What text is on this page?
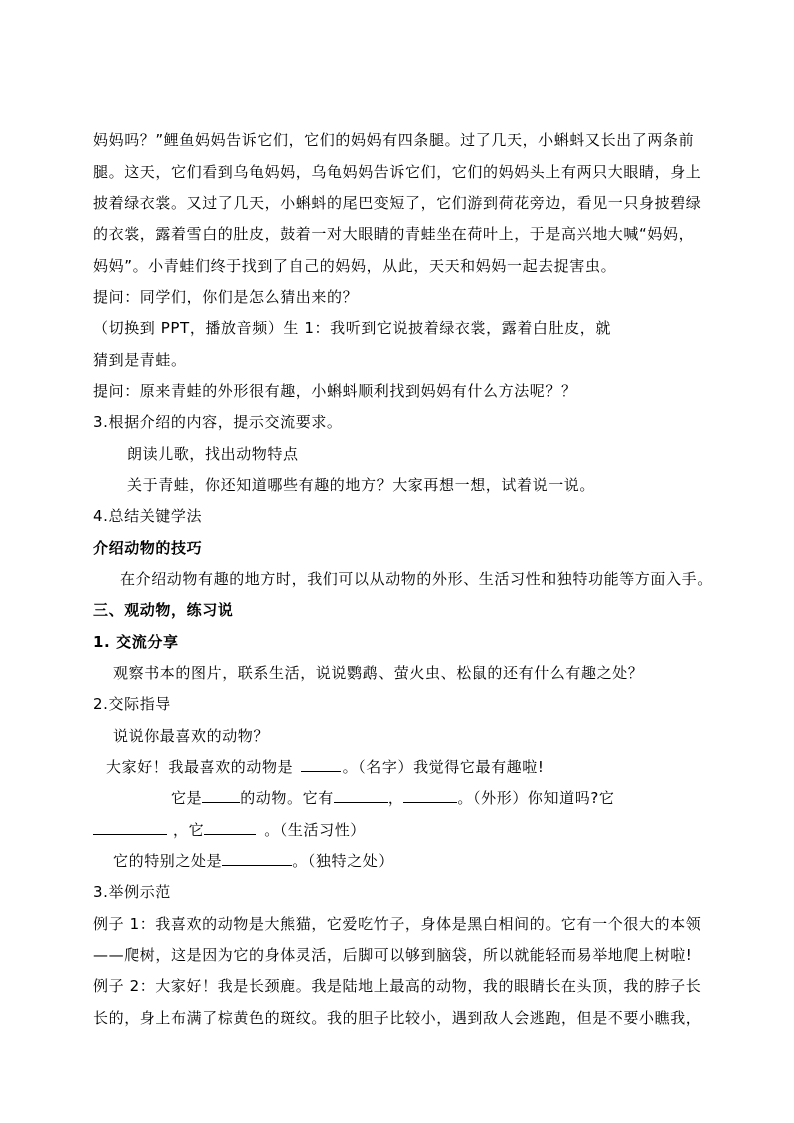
妈妈吗？”鲤鱼妈妈告诉它们，它们的妈妈有四条腿。过了几天，小蝌蚪又长出了两条前
腿。这天，它们看到乌龟妈妈，乌龟妈妈告诉它们，它们的妈妈头上有两只大眼睛，身上
披着绿衣裳。又过了几天，小蝌蚪的尾巴变短了，它们游到荷花旁边，看见一只身披碧绿
的衣裳，露着雪白的肚皮，鼓着一对大眼睛的青蛙坐在荷叶上，于是高兴地大喊“妈妈，
妈妈”。小青蛙们终于找到了自己的妈妈，从此，天天和妈妈一起去捉害虫。
提问：同学们，你们是怎么猜出来的？
（切换到 PPT，播放音频）生 1：我听到它说披着绿衣裳，露着白肚皮，就
猜到是青蛙。
提问：原来青蛙的外形很有趣，小蝌蚪顺利找到妈妈有什么方法呢？？
3.根据介绍的内容，提示交流要求。
朗读儿歌，找出动物特点
关于青蛙，你还知道哪些有趣的地方？大家再想一想，试着说一说。
4.总结关键学法
介绍动物的技巧
在介绍动物有趣的地方时，我们可以从动物的外形、生活习性和独特功能等方面入手。
三、观动物，练习说
1. 交流分享
观察书本的图片，联系生活，说说鹦鹉、萤火虫、松鼠的还有什么有趣之处？
2.交际指导
说说你最喜欢的动物？
大家好！我最喜欢的动物是	。（名字）我觉得它最有趣啦!
它是	的动物。它有	，	。（外形）你知道吗?它
，它	。（生活习性）
它的特别之处是	。（独特之处）
3.举例示范
例子 1：我喜欢的动物是大熊猫，它爱吃竹子，身体是黑白相间的。它有一个很大的本领
——爬树，这是因为它的身体灵活，后脚可以够到脑袋，所以就能轻而易举地爬上树啦!
例子 2：大家好！我是长颈鹿。我是陆地上最高的动物，我的眼睛长在头顶，我的脖子长
长的，身上布满了棕黄色的斑纹。我的胆子比较小，遇到敌人会逃跑，但是不要小瞧我，
